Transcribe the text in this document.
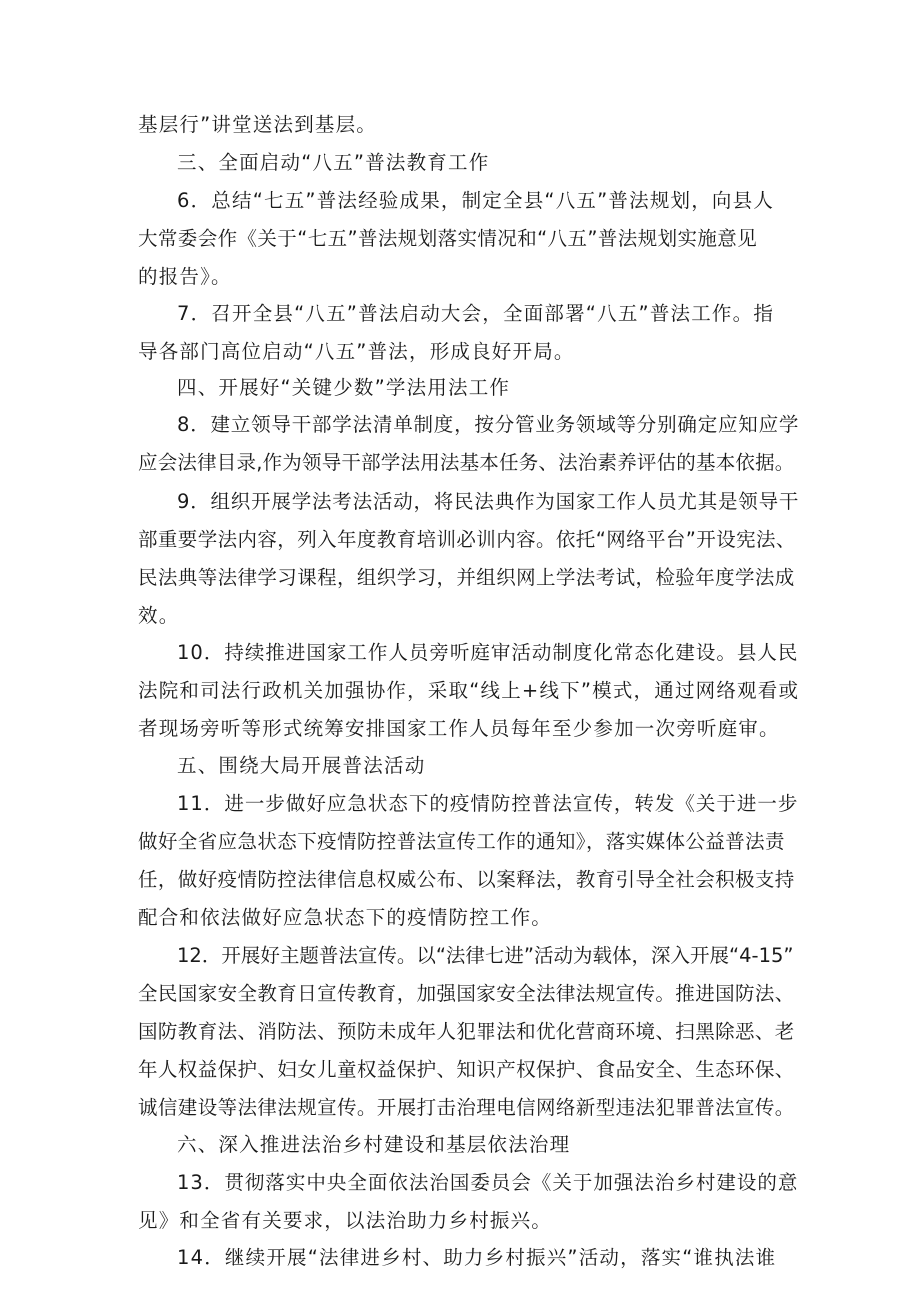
基层行”讲堂送法到基层。
三、全面启动“八五”普法教育工作
6．总结“七五”普法经验成果，制定全县“八五”普法规划，向县人
大常委会作《关于“七五”普法规划落实情况和“八五”普法规划实施意见
的报告》。
7．召开全县“八五”普法启动大会，全面部署“八五”普法工作。指
导各部门高位启动“八五”普法，形成良好开局。
四、开展好“关键少数”学法用法工作
8．建立领导干部学法清单制度，按分管业务领域等分别确定应知应学
应会法律目录,作为领导干部学法用法基本任务、法治素养评估的基本依据。
9．组织开展学法考法活动，将民法典作为国家工作人员尤其是领导干
部重要学法内容，列入年度教育培训必训内容。依托“网络平台”开设宪法、
民法典等法律学习课程，组织学习，并组织网上学法考试，检验年度学法成
效。
10．持续推进国家工作人员旁听庭审活动制度化常态化建设。县人民
法院和司法行政机关加强协作，采取“线上+线下”模式，通过网络观看或
者现场旁听等形式统筹安排国家工作人员每年至少参加一次旁听庭审。
五、围绕大局开展普法活动
11．进一步做好应急状态下的疫情防控普法宣传，转发《关于进一步
做好全省应急状态下疫情防控普法宣传工作的通知》，落实媒体公益普法责
任，做好疫情防控法律信息权威公布、以案释法，教育引导全社会积极支持
配合和依法做好应急状态下的疫情防控工作。
12．开展好主题普法宣传。以“法律七进”活动为载体，深入开展“4-15”
全民国家安全教育日宣传教育，加强国家安全法律法规宣传。推进国防法、
国防教育法、消防法、预防未成年人犯罪法和优化营商环境、扫黑除恶、老
年人权益保护、妇女儿童权益保护、知识产权保护、食品安全、生态环保、
诚信建设等法律法规宣传。开展打击治理电信网络新型违法犯罪普法宣传。
六、深入推进法治乡村建设和基层依法治理
13．贯彻落实中央全面依法治国委员会《关于加强法治乡村建设的意
见》和全省有关要求，以法治助力乡村振兴。
14．继续开展“法律进乡村、助力乡村振兴”活动，落实“谁执法谁
